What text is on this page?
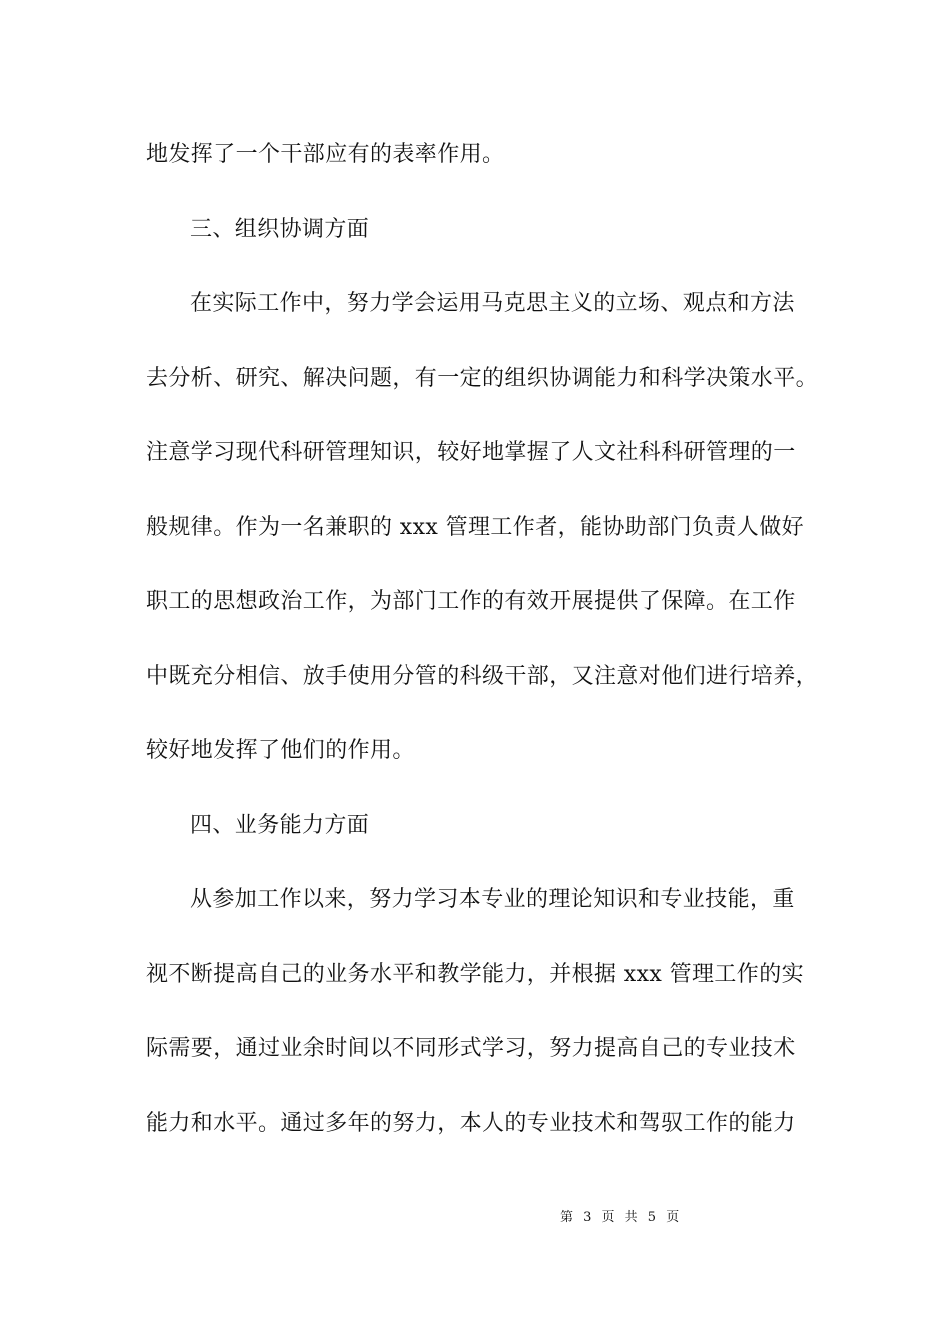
地发挥了一个干部应有的表率作用。
三、组织协调方面
在实际工作中，努力学会运用马克思主义的立场、观点和方法
去分析、研究、解决问题，有一定的组织协调能力和科学决策水平。
注意学习现代科研管理知识，较好地掌握了人文社科科研管理的一
般规律。作为一名兼职的 xxx 管理工作者，能协助部门负责人做好
职工的思想政治工作，为部门工作的有效开展提供了保障。在工作
中既充分相信、放手使用分管的科级干部，又注意对他们进行培养，
较好地发挥了他们的作用。
四、业务能力方面
从参加工作以来，努力学习本专业的理论知识和专业技能，重
视不断提高自己的业务水平和教学能力，并根据 xxx 管理工作的实
际需要，通过业余时间以不同形式学习，努力提高自己的专业技术
能力和水平。通过多年的努力，本人的专业技术和驾驭工作的能力
第 3 页 共 5 页
